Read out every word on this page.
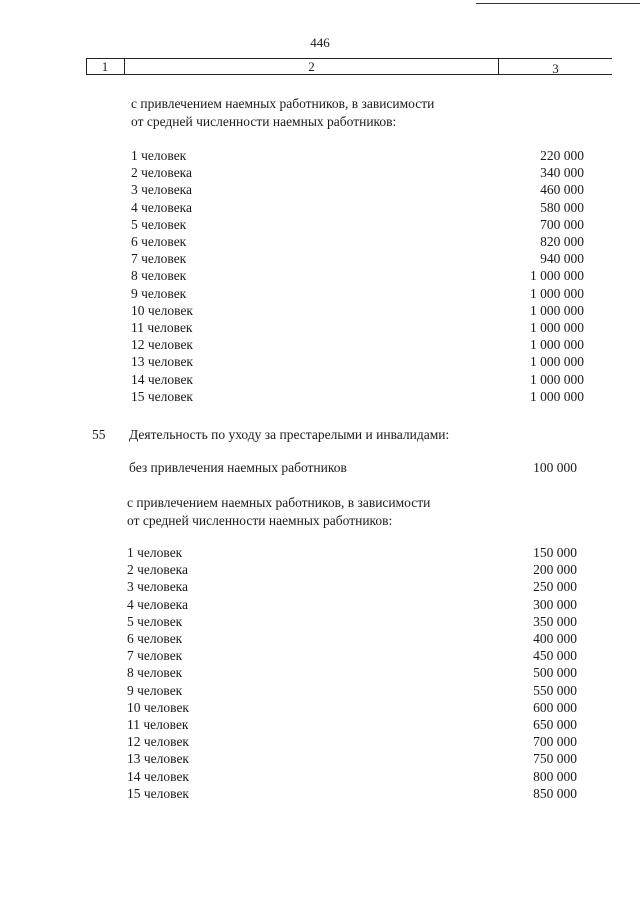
446
1	2	3
с привлечением наемных работников, в зависимости
от средней численности наемных работников:
1 человек	220 000
2 человека	340 000
3 человека	460 000
4 человека	580 000
5 человек	700 000
6 человек	820 000
7 человек	940 000
8 человек	1 000 000
9 человек	1 000 000
10 человек	1 000 000
11 человек	1 000 000
12 человек	1 000 000
13 человек	1 000 000
14 человек	1 000 000
15 человек	1 000 000
55 Деятельность по уходу за престарелыми и инвалидами:
без привлечения наемных работников	100 000
с привлечением наемных работников, в зависимости
от средней численности наемных работников:
1 человек	150 000
2 человека	200 000
3 человека	250 000
4 человека	300 000
5 человек	350 000
6 человек	400 000
7 человек	450 000
8 человек	500 000
9 человек	550 000
10 человек	600 000
11 человек	650 000
12 человек	700 000
13 человек	750 000
14 человек	800 000
15 человек	850 000
